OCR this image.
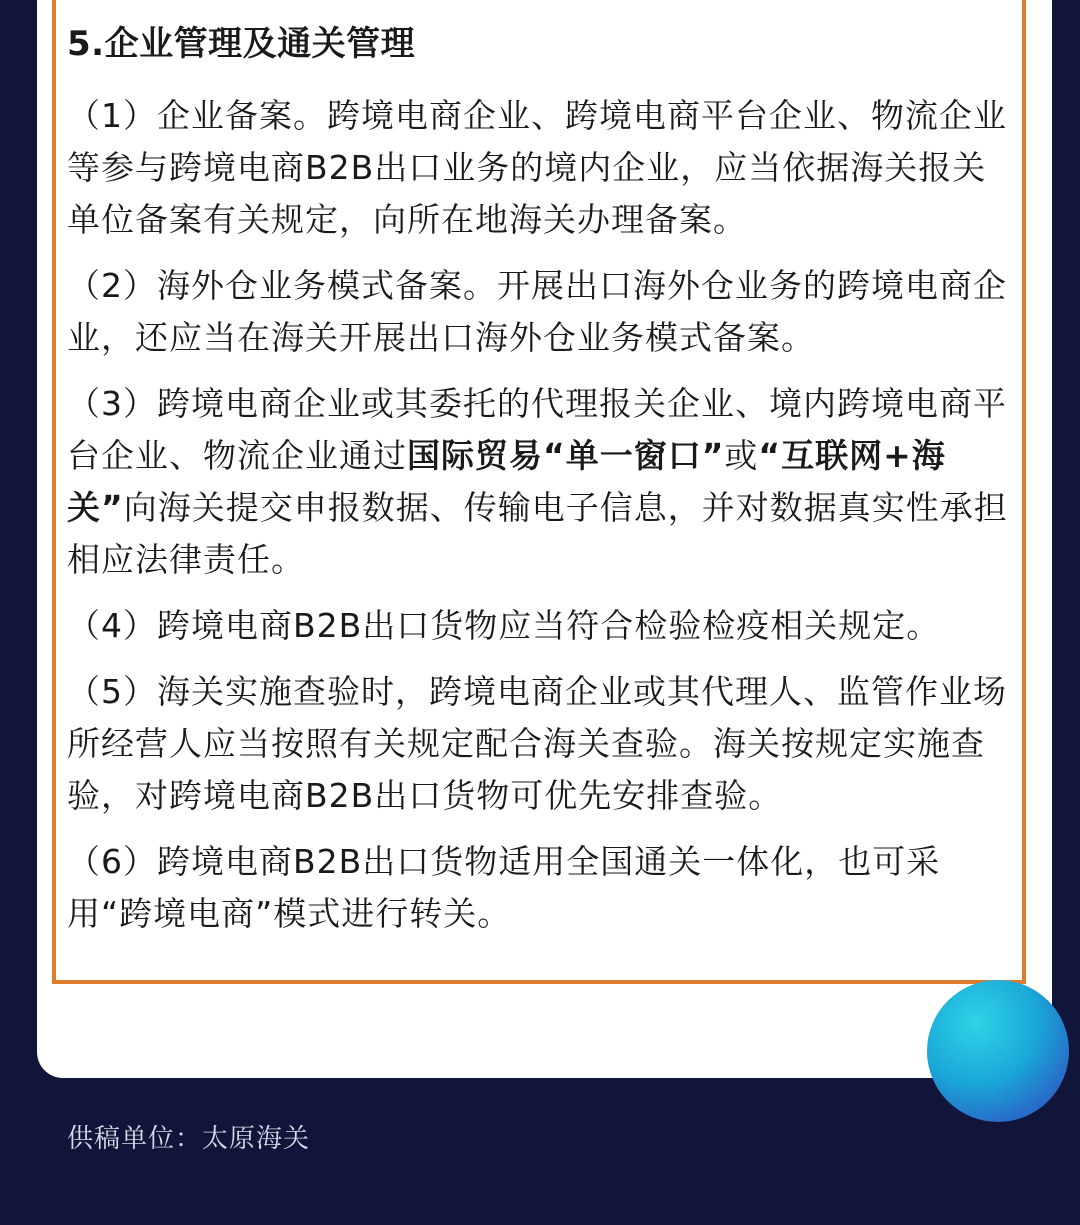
5.企业管理及通关管理

（1）企业备案。跨境电商企业、跨境电商平台企业、物流企业等参与跨境电商B2B出口业务的境内企业，应当依据海关报关单位备案有关规定，向所在地海关办理备案。

（2）海外仓业务模式备案。开展出口海外仓业务的跨境电商企业，还应当在海关开展出口海外仓业务模式备案。

（3）跨境电商企业或其委托的代理报关企业、境内跨境电商平台企业、物流企业通过国际贸易“单一窗口”或“互联网+海关”向海关提交申报数据、传输电子信息，并对数据真实性承担相应法律责任。

（4）跨境电商B2B出口货物应当符合检验检疫相关规定。

（5）海关实施查验时，跨境电商企业或其代理人、监管作业场所经营人应当按照有关规定配合海关查验。海关按规定实施查验，对跨境电商B2B出口货物可优先安排查验。

（6）跨境电商B2B出口货物适用全国通关一体化，也可采用“跨境电商”模式进行转关。

供稿单位：太原海关
